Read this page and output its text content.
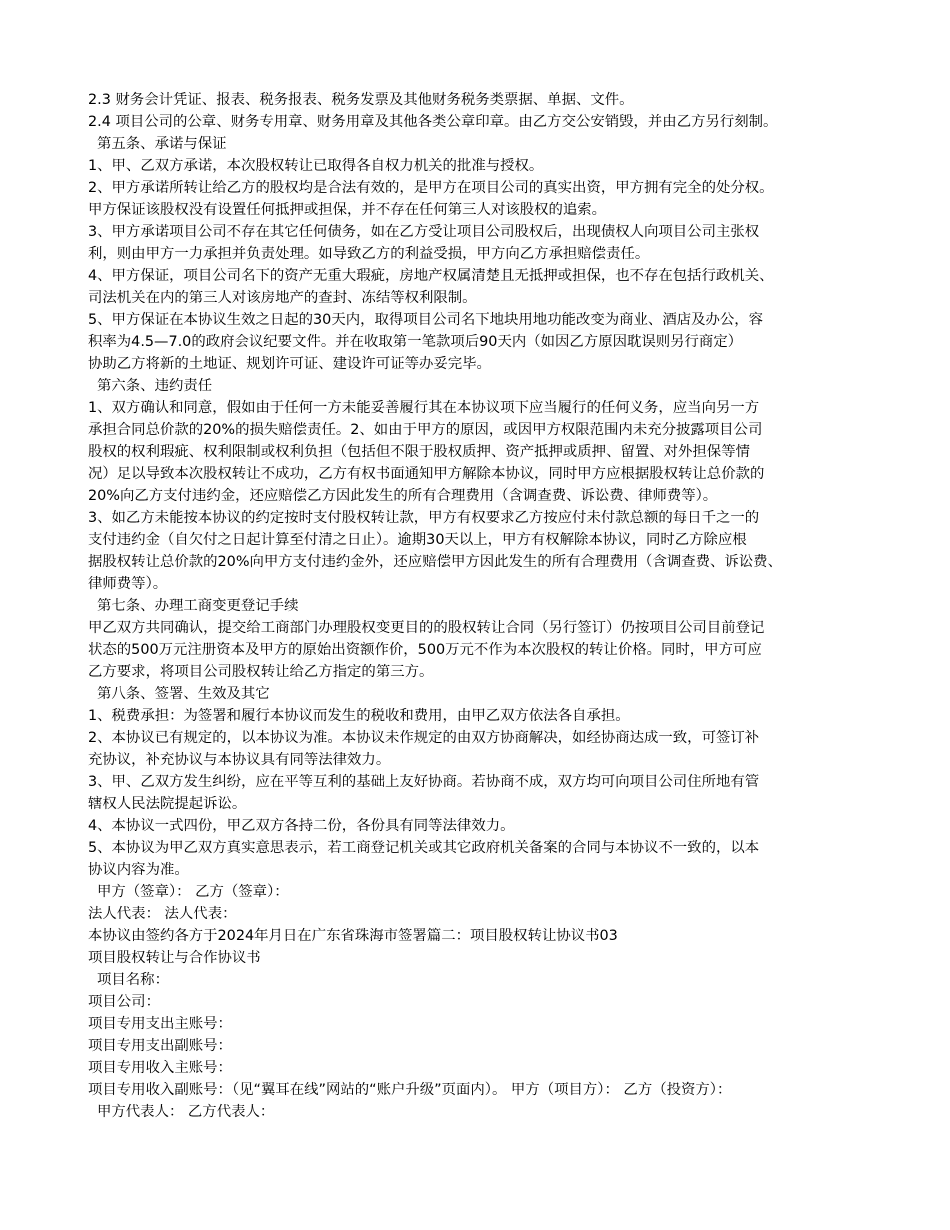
2.3 财务会计凭证、报表、税务报表、税务发票及其他财务税务类票据、单据、文件。
2.4 项目公司的公章、财务专用章、财务用章及其他各类公章印章。由乙方交公安销毁，并由乙方另行刻制。
第五条、承诺与保证
1、甲、乙双方承诺，本次股权转让已取得各自权力机关的批准与授权。
2、甲方承诺所转让给乙方的股权均是合法有效的，是甲方在项目公司的真实出资，甲方拥有完全的处分权。
甲方保证该股权没有设置任何抵押或担保，并不存在任何第三人对该股权的追索。
3、甲方承诺项目公司不存在其它任何债务，如在乙方受让项目公司股权后，出现债权人向项目公司主张权
利，则由甲方一力承担并负责处理。如导致乙方的利益受损，甲方向乙方承担赔偿责任。
4、甲方保证，项目公司名下的资产无重大瑕疵，房地产权属清楚且无抵押或担保，也不存在包括行政机关、
司法机关在内的第三人对该房地产的查封、冻结等权利限制。
5、甲方保证在本协议生效之日起的30天内，取得项目公司名下地块用地功能改变为商业、酒店及办公，容
积率为4.5—7.0的政府会议纪要文件。并在收取第一笔款项后90天内（如因乙方原因耽误则另行商定）
协助乙方将新的土地证、规划许可证、建设许可证等办妥完毕。
第六条、违约责任
1、双方确认和同意，假如由于任何一方未能妥善履行其在本协议项下应当履行的任何义务，应当向另一方
承担合同总价款的20%的损失赔偿责任。2、如由于甲方的原因，或因甲方权限范围内未充分披露项目公司
股权的权利瑕疵、权利限制或权利负担（包括但不限于股权质押、资产抵押或质押、留置、对外担保等情
况）足以导致本次股权转让不成功，乙方有权书面通知甲方解除本协议，同时甲方应根据股权转让总价款的
20%向乙方支付违约金，还应赔偿乙方因此发生的所有合理费用（含调查费、诉讼费、律师费等）。
3、如乙方未能按本协议的约定按时支付股权转让款，甲方有权要求乙方按应付未付款总额的每日千之一的
支付违约金（自欠付之日起计算至付清之日止）。逾期30天以上，甲方有权解除本协议，同时乙方除应根
据股权转让总价款的20%向甲方支付违约金外，还应赔偿甲方因此发生的所有合理费用（含调查费、诉讼费、
律师费等）。
第七条、办理工商变更登记手续
甲乙双方共同确认，提交给工商部门办理股权变更目的的股权转让合同（另行签订）仍按项目公司目前登记
状态的500万元注册资本及甲方的原始出资额作价，500万元不作为本次股权的转让价格。同时，甲方可应
乙方要求，将项目公司股权转让给乙方指定的第三方。
第八条、签署、生效及其它
1、税费承担：为签署和履行本协议而发生的税收和费用，由甲乙双方依法各自承担。
2、本协议已有规定的，以本协议为准。本协议未作规定的由双方协商解决，如经协商达成一致，可签订补
充协议，补充协议与本协议具有同等法律效力。
3、甲、乙双方发生纠纷，应在平等互利的基础上友好协商。若协商不成，双方均可向项目公司住所地有管
辖权人民法院提起诉讼。
4、本协议一式四份，甲乙双方各持二份，各份具有同等法律效力。
5、本协议为甲乙双方真实意思表示，若工商登记机关或其它政府机关备案的合同与本协议不一致的，以本
协议内容为准。
甲方（签章）： 乙方（签章）：
法人代表： 法人代表：
本协议由签约各方于2024年月日在广东省珠海市签署篇二：项目股权转让协议书03
项目股权转让与合作协议书
项目名称：
项目公司：
项目专用支出主账号：
项目专用支出副账号：
项目专用收入主账号：
项目专用收入副账号：（见“翼耳在线”网站的“账户升级”页面内）。 甲方（项目方）： 乙方（投资方）：
甲方代表人： 乙方代表人：
